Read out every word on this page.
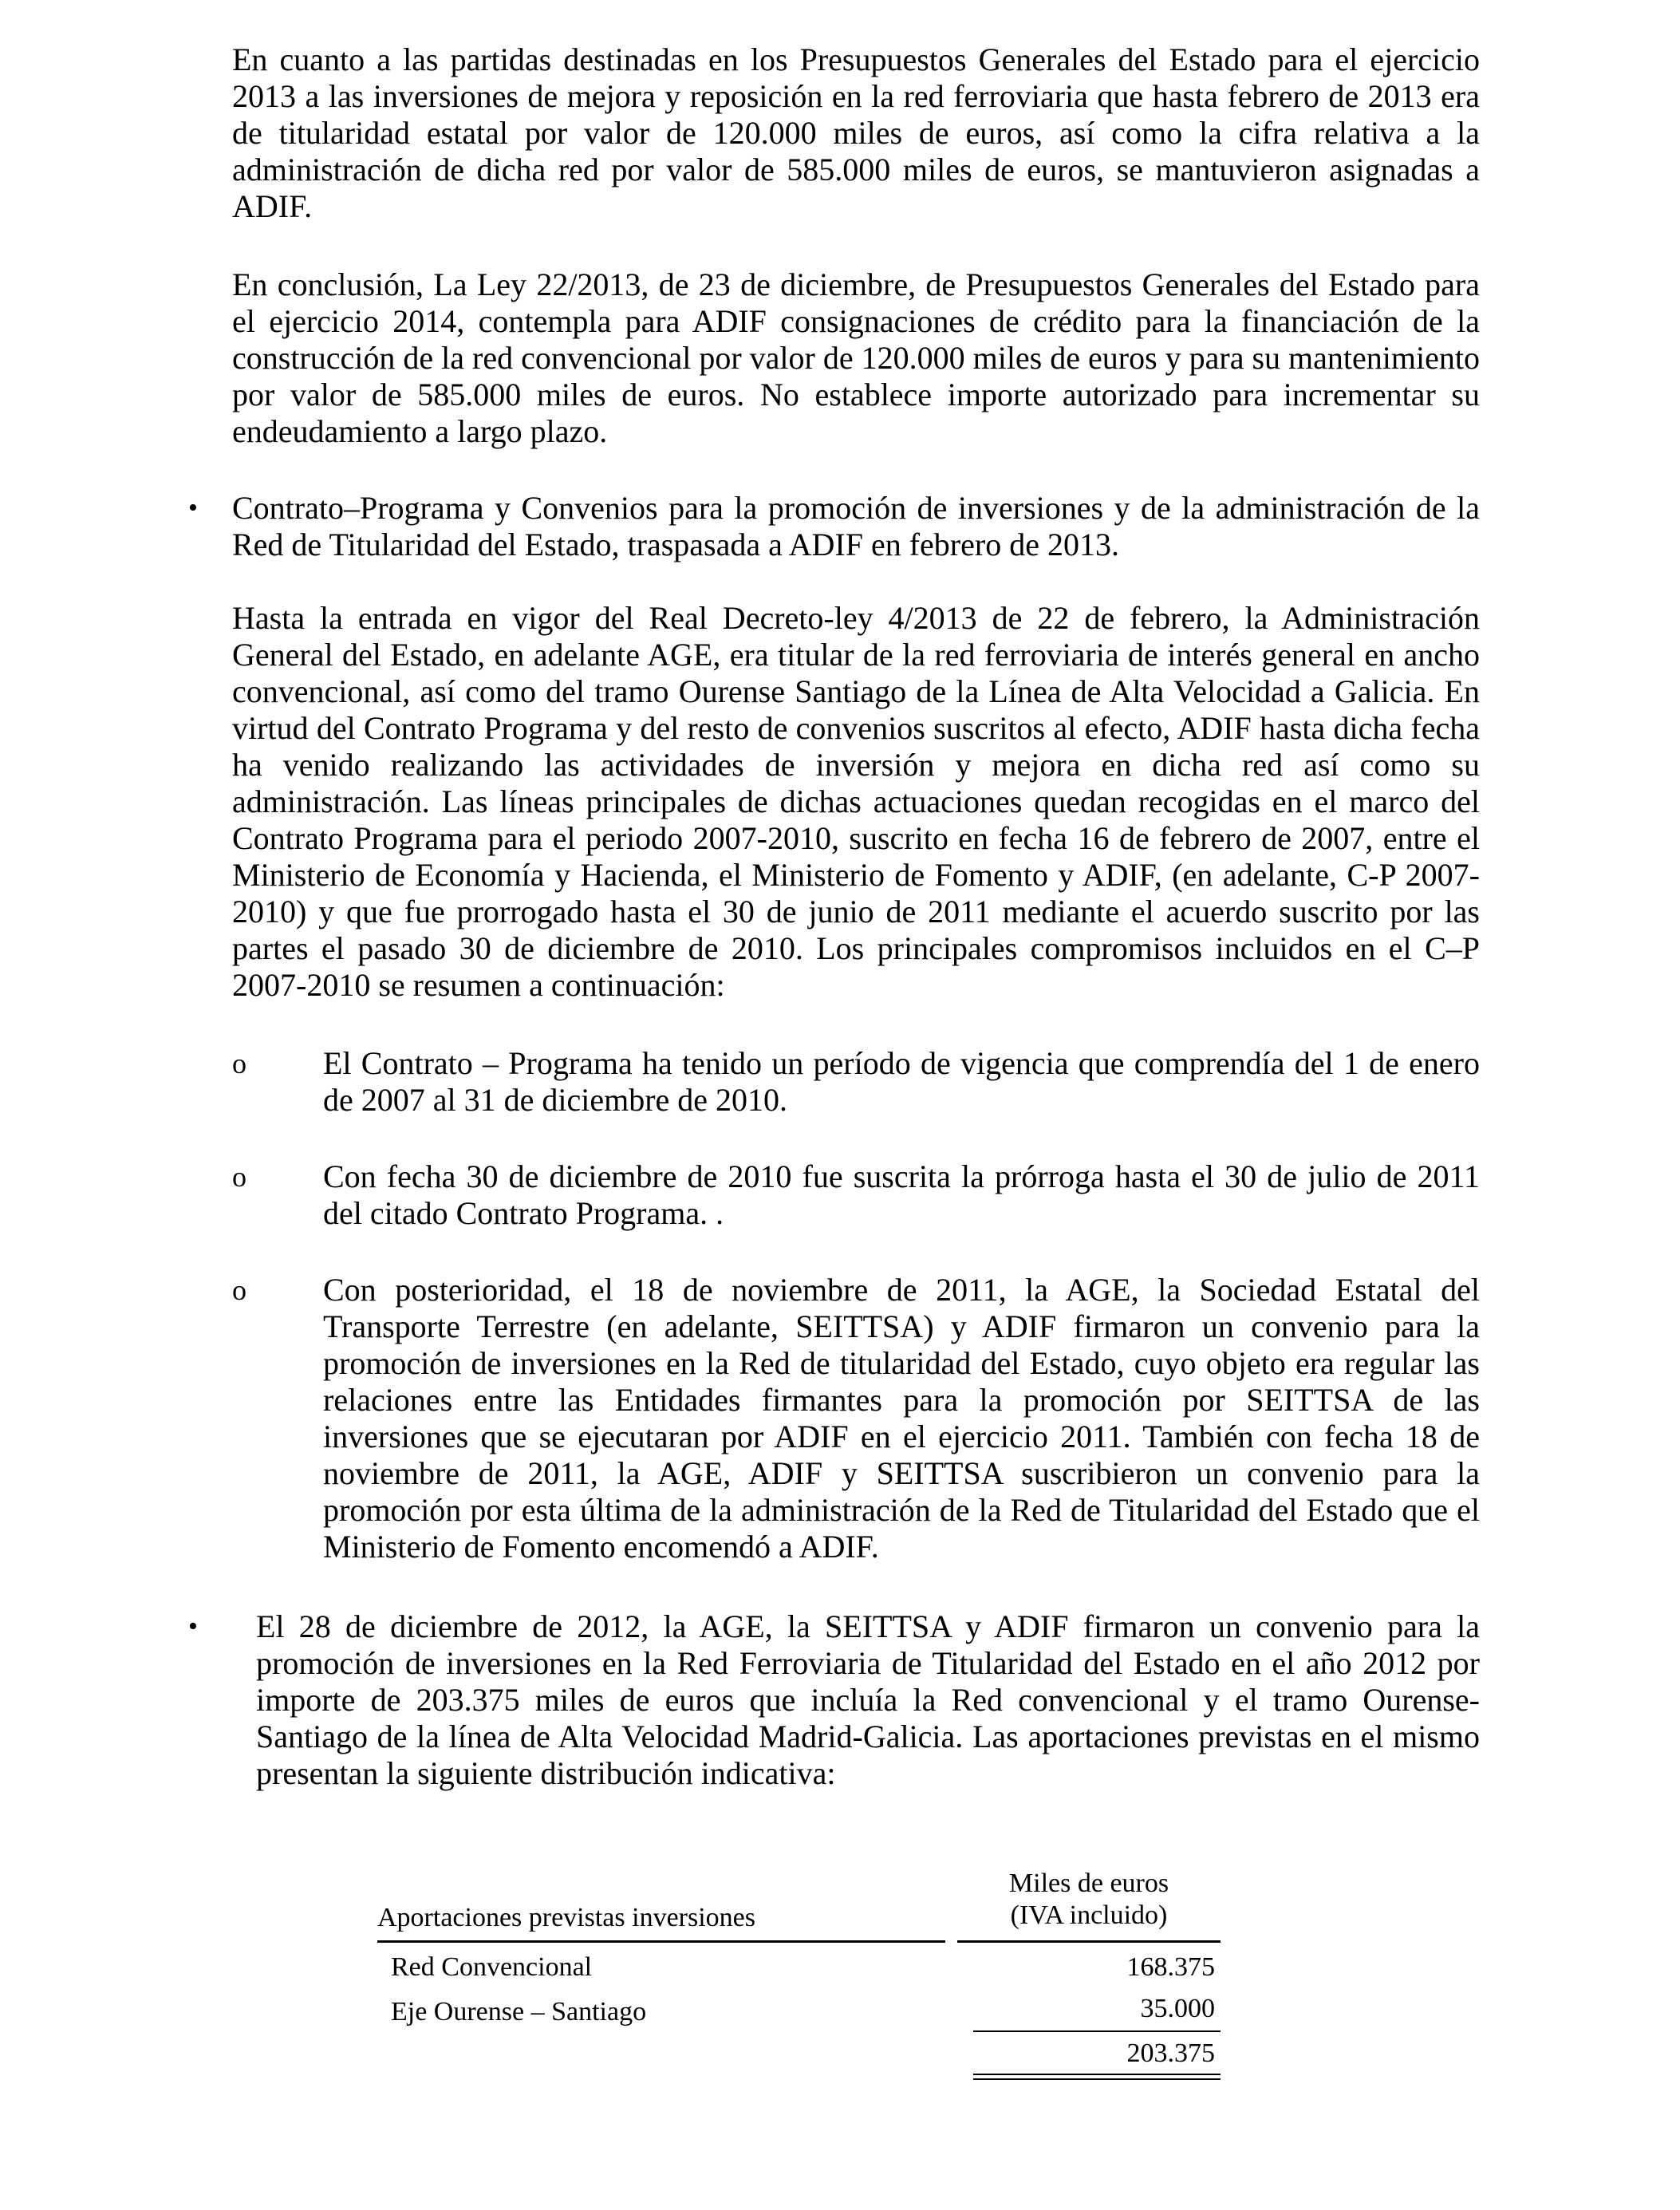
En cuanto a las partidas destinadas en los Presupuestos Generales del Estado para el ejercicio 2013 a las inversiones de mejora y reposición en la red ferroviaria que hasta febrero de 2013 era de titularidad estatal por valor de 120.000 miles de euros, así como la cifra relativa a la administración de dicha red por valor de 585.000 miles de euros, se mantuvieron asignadas a ADIF.

En conclusión, La Ley 22/2013, de 23 de diciembre, de Presupuestos Generales del Estado para el ejercicio 2014, contempla para ADIF consignaciones de crédito para la financiación de la construcción de la red convencional por valor de 120.000 miles de euros y para su mantenimiento por valor de 585.000 miles de euros. No establece importe autorizado para incrementar su endeudamiento a largo plazo.

• Contrato–Programa y Convenios para la promoción de inversiones y de la administración de la Red de Titularidad del Estado, traspasada a ADIF en febrero de 2013.

Hasta la entrada en vigor del Real Decreto-ley 4/2013 de 22 de febrero, la Administración General del Estado, en adelante AGE, era titular de la red ferroviaria de interés general en ancho convencional, así como del tramo Ourense Santiago de la Línea de Alta Velocidad a Galicia. En virtud del Contrato Programa y del resto de convenios suscritos al efecto, ADIF hasta dicha fecha ha venido realizando las actividades de inversión y mejora en dicha red así como su administración. Las líneas principales de dichas actuaciones quedan recogidas en el marco del Contrato Programa para el periodo 2007-2010, suscrito en fecha 16 de febrero de 2007, entre el Ministerio de Economía y Hacienda, el Ministerio de Fomento y ADIF, (en adelante, C-P 2007-2010) y que fue prorrogado hasta el 30 de junio de 2011 mediante el acuerdo suscrito por las partes el pasado 30 de diciembre de 2010. Los principales compromisos incluidos en el C–P 2007-2010 se resumen a continuación:

o El Contrato – Programa ha tenido un período de vigencia que comprendía del 1 de enero de 2007 al 31 de diciembre de 2010.

o Con fecha 30 de diciembre de 2010 fue suscrita la prórroga hasta el 30 de julio de 2011 del citado Contrato Programa. .

o Con posterioridad, el 18 de noviembre de 2011, la AGE, la Sociedad Estatal del Transporte Terrestre (en adelante, SEITTSA) y ADIF firmaron un convenio para la promoción de inversiones en la Red de titularidad del Estado, cuyo objeto era regular las relaciones entre las Entidades firmantes para la promoción por SEITTSA de las inversiones que se ejecutaran por ADIF en el ejercicio 2011. También con fecha 18 de noviembre de 2011, la AGE, ADIF y SEITTSA suscribieron un convenio para la promoción por esta última de la administración de la Red de Titularidad del Estado que el Ministerio de Fomento encomendó a ADIF.

• El 28 de diciembre de 2012, la AGE, la SEITTSA y ADIF firmaron un convenio para la promoción de inversiones en la Red Ferroviaria de Titularidad del Estado en el año 2012 por importe de 203.375 miles de euros que incluía la Red convencional y el tramo Ourense-Santiago de la línea de Alta Velocidad Madrid-Galicia. Las aportaciones previstas en el mismo presentan la siguiente distribución indicativa:

Aportaciones previstas inversiones
Miles de euros
(IVA incluido)
Red Convencional	168.375
Eje Ourense – Santiago	35.000
203.375
